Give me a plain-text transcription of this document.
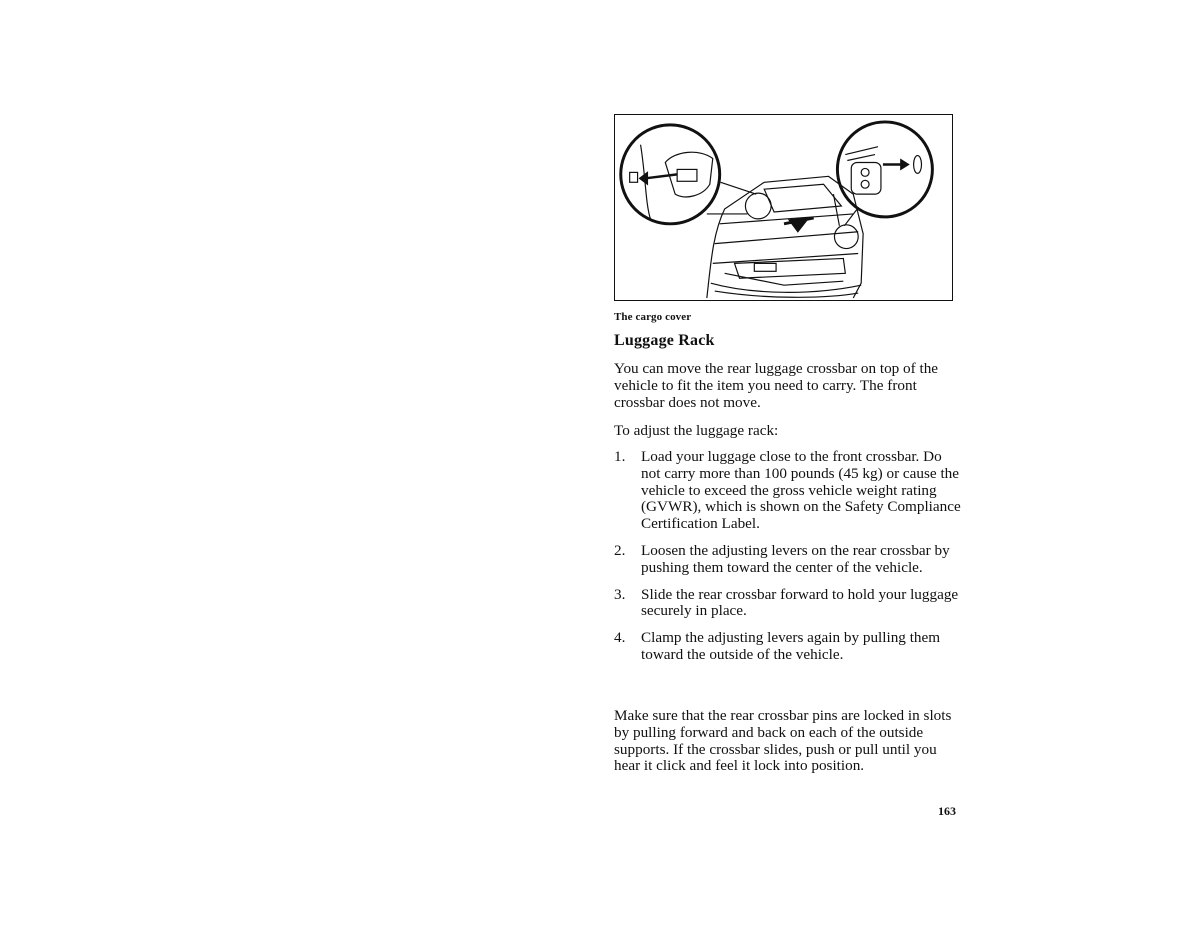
The cargo cover
Luggage Rack
You can move the rear luggage crossbar on top of the vehicle to fit the item you need to carry. The front crossbar does not move.
To adjust the luggage rack:
1.	Load your luggage close to the front crossbar. Do not carry more than 100 pounds (45 kg) or cause the vehicle to exceed the gross vehicle weight rating (GVWR), which is shown on the Safety Compliance Certification Label.
2.	Loosen the adjusting levers on the rear crossbar by pushing them toward the center of the vehicle.
3.	Slide the rear crossbar forward to hold your luggage securely in place.
4.	Clamp the adjusting levers again by pulling them toward the outside of the vehicle.
Make sure that the rear crossbar pins are locked in slots by pulling forward and back on each of the outside supports. If the crossbar slides, push or pull until you hear it click and feel it lock into position.
163
